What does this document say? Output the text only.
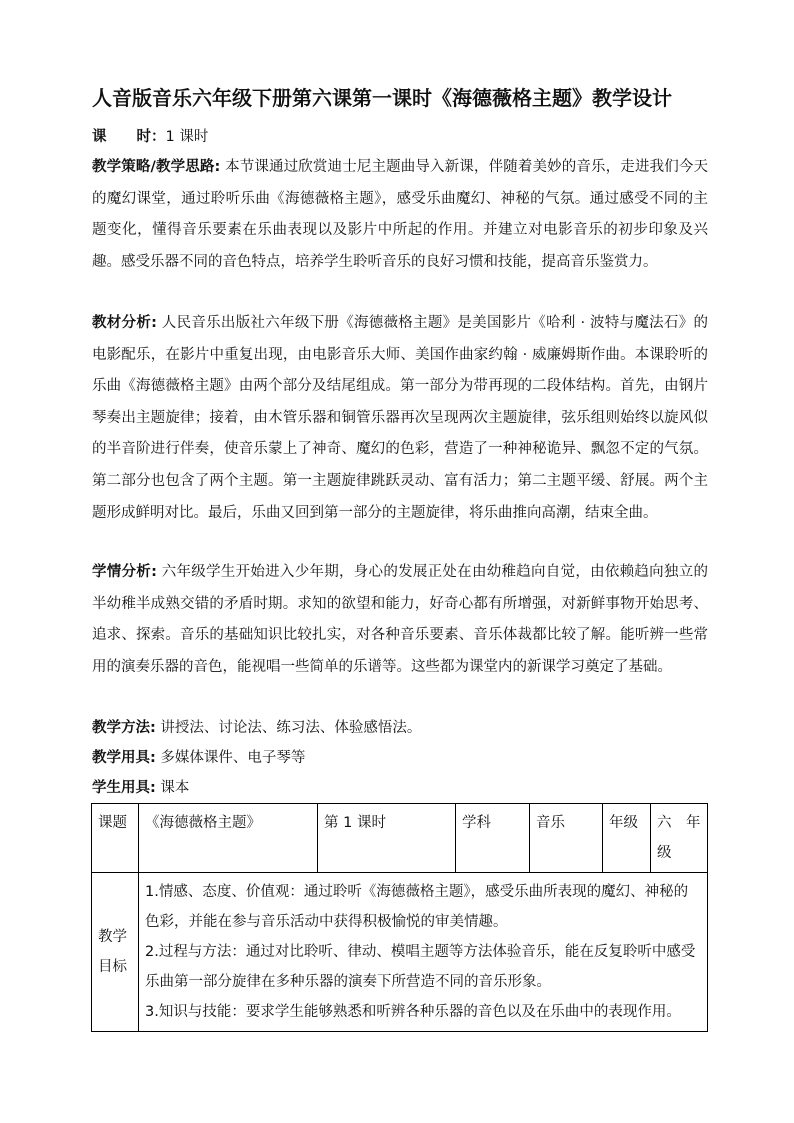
人音版音乐六年级下册第六课第一课时《海德薇格主题》教学设计
课 时：1 课时
教学策略/教学思路: 本节课通过欣赏迪士尼主题曲导入新课，伴随着美妙的音乐，走进我们今天的魔幻课堂，通过聆听乐曲《海德薇格主题》，感受乐曲魔幻、神秘的气氛。通过感受不同的主题变化，懂得音乐要素在乐曲表现以及影片中所起的作用。并建立对电影音乐的初步印象及兴趣。感受乐器不同的音色特点，培养学生聆听音乐的良好习惯和技能，提高音乐鉴赏力。
教材分析: 人民音乐出版社六年级下册《海德薇格主题》是美国影片《哈利 · 波特与魔法石》的电影配乐，在影片中重复出现，由电影音乐大师、美国作曲家约翰 · 威廉姆斯作曲。本课聆听的乐曲《海德薇格主题》由两个部分及结尾组成。第一部分为带再现的二段体结构。首先，由钢片琴奏出主题旋律；接着，由木管乐器和铜管乐器再次呈现两次主题旋律，弦乐组则始终以旋风似的半音阶进行伴奏，使音乐蒙上了神奇、魔幻的色彩，营造了一种神秘诡异、飘忽不定的气氛。第二部分也包含了两个主题。第一主题旋律跳跃灵动、富有活力；第二主题平缓、舒展。两个主题形成鲜明对比。最后，乐曲又回到第一部分的主题旋律，将乐曲推向高潮，结束全曲。
学情分析: 六年级学生开始进入少年期，身心的发展正处在由幼稚趋向自觉，由依赖趋向独立的半幼稚半成熟交错的矛盾时期。求知的欲望和能力，好奇心都有所增强，对新鲜事物开始思考、追求、探索。音乐的基础知识比较扎实，对各种音乐要素、音乐体裁都比较了解。能听辨一些常用的演奏乐器的音色，能视唱一些简单的乐谱等。这些都为课堂内的新课学习奠定了基础。
教学方法: 讲授法、讨论法、练习法、体验感悟法。
教学用具: 多媒体课件、电子琴等
学生用具: 课本
课题	《海德薇格主题》	第 1 课时	学科	音乐	年级	六　年级
教学目标	1.情感、态度、价值观：通过聆听《海德薇格主题》，感受乐曲所表现的魔幻、神秘的色彩，并能在参与音乐活动中获得积极愉悦的审美情趣。
2.过程与方法：通过对比聆听、律动、模唱主题等方法体验音乐，能在反复聆听中感受乐曲第一部分旋律在多种乐器的演奏下所营造不同的音乐形象。
3.知识与技能：要求学生能够熟悉和听辨各种乐器的音色以及在乐曲中的表现作用。					
